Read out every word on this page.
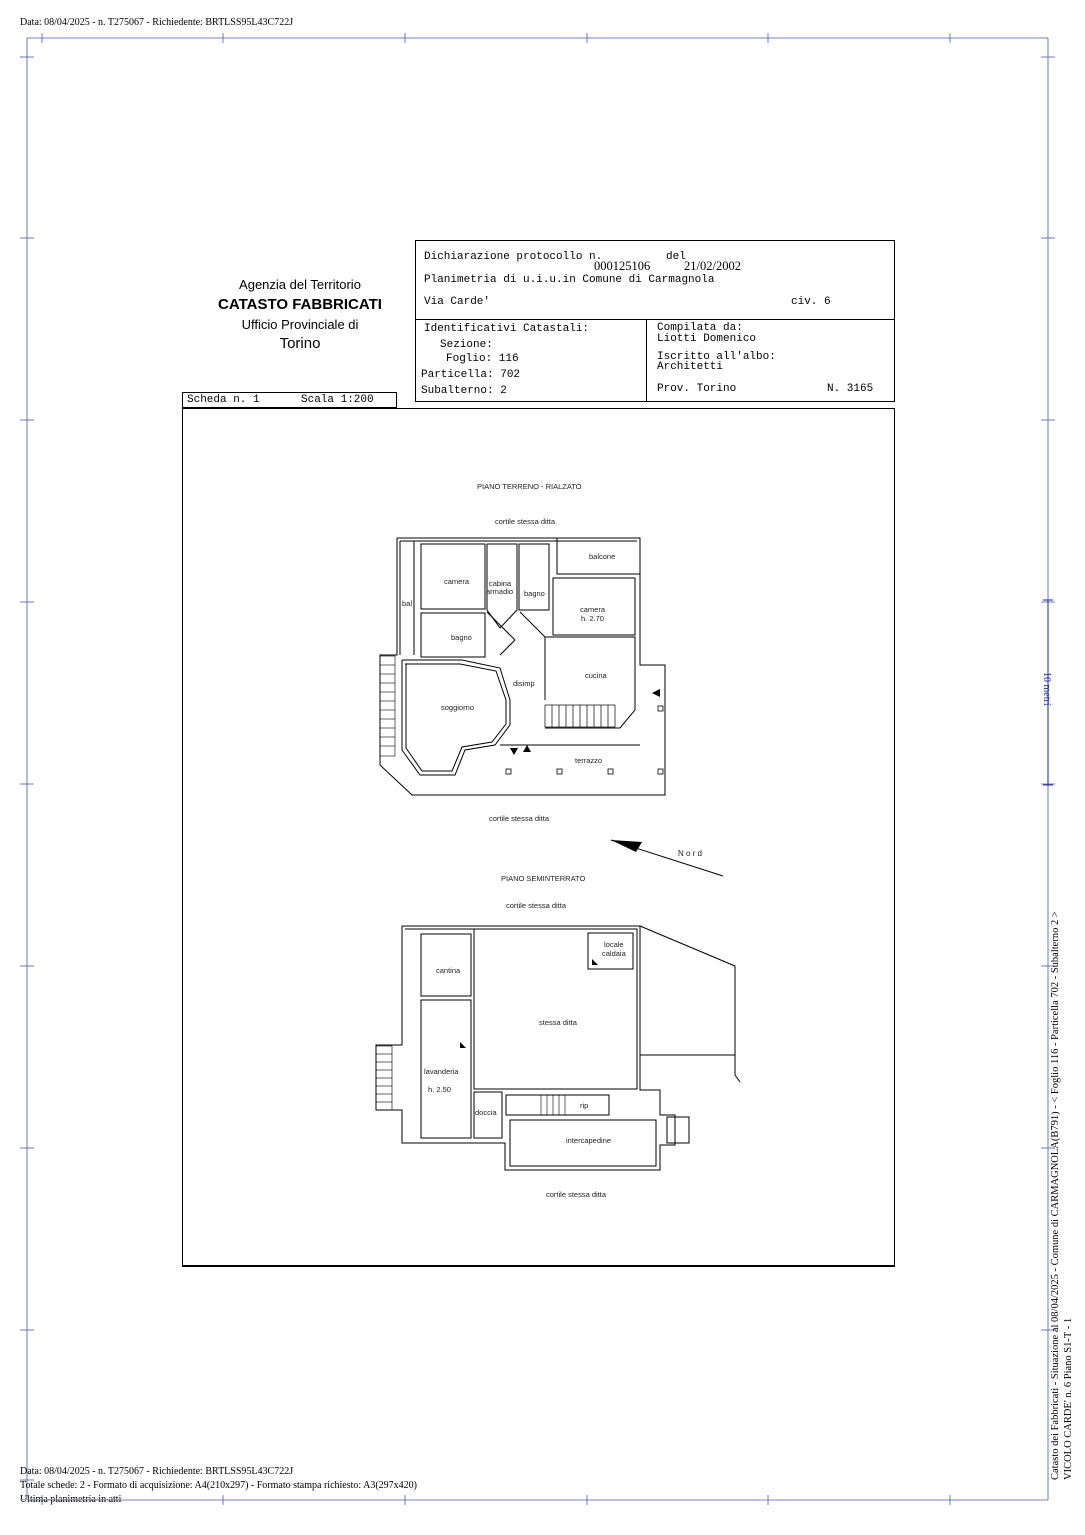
Data: 08/04/2025 - n. T275067 - Richiedente: BRTLSS95L43C722J
Agenzia del Territorio
CATASTO FABBRICATI
Ufficio Provinciale di
Torino
Dichiarazione protocollo n.
000125106
del
21/02/2002
Planimetria di u.i.u.in Comune di Carmagnola
Via Carde'	civ. 6
Identificativi Catastali:
Sezione:
Foglio: 116
Particella: 702
Subalterno: 2
Compilata da:
Liotti Domenico
Iscritto all'albo:
Architetti
Prov. Torino	N. 3165
Scheda n. 1	Scala 1:200
PIANO TERRENO - RIALZATO
cortile stessa ditta
camera	cabina
armadio bagno
balcone
bal
camera
h. 2.70
bagno
cucina
disimp
soggiorno
terrazzo
cortile stessa ditta
N o r d
PIANO SEMINTERRATO
cortile stessa ditta
locale
caldaia
cantina
stessa ditta
lavanderia
h. 2.50
doccia
rip
intercapedine
cortile stessa ditta
10 metri
Catasto dei Fabbricati - Situazione al 08/04/2025 - Comune di CARMAGNOLA(B791) - < Foglio 116 - Particella 702 - Subalterno 2 > VICOLO CARDE' n. 6 Piano S1-T - 1
Data: 08/04/2025 - n. T275067 - Richiedente: BRTLSS95L43C722J
Totale schede: 2 - Formato di acquisizione: A4(210x297) - Formato stampa richiesto: A3(297x420)
Ultima planimetria in atti
